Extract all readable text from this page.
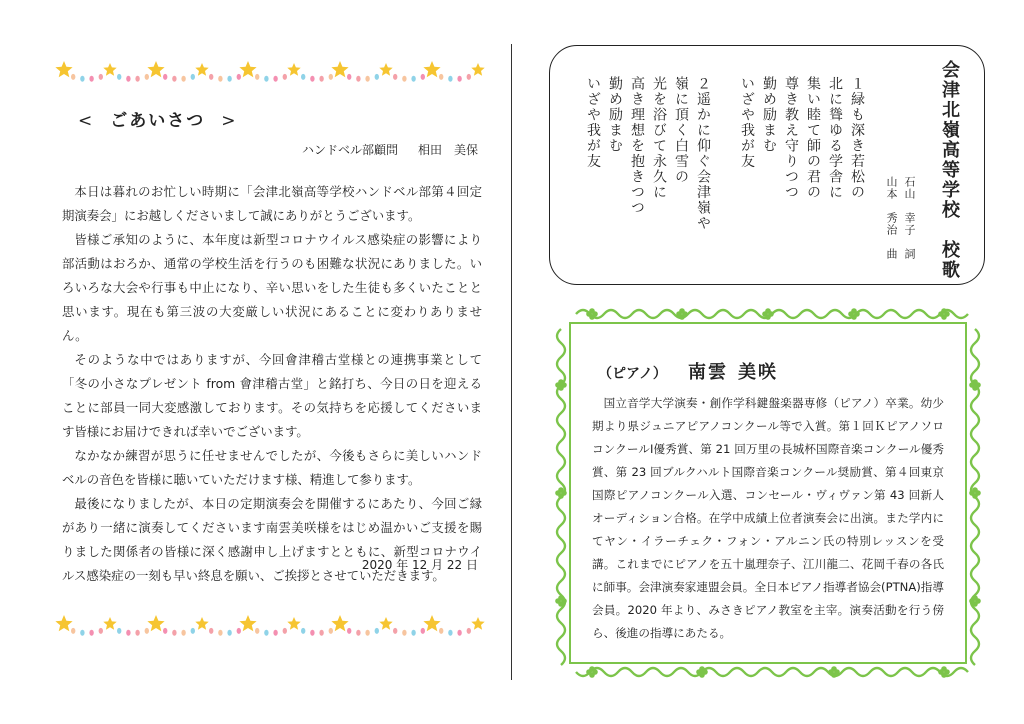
< ごあいさつ >
ハンドベル部顧問 相田　美保

本日は暮れのお忙しい時期に「会津北嶺高等学校ハンドベル部第４回定期演奏会」にお越しくださいまして誠にありがとうございます。

皆様ご承知のように、本年度は新型コロナウイルス感染症の影響により部活動はおろか、通常の学校生活を行うのも困難な状況にありました。いろいろな大会や行事も中止になり、辛い思いをした生徒も多くいたことと思います。現在も第三波の大変厳しい状況にあることに変わりありません。

そのような中ではありますが、今回會津稽古堂様との連携事業として「冬の小さなプレゼント from 會津稽古堂」と銘打ち、今日の日を迎えることに部員一同大変感激しております。その気持ちを応援してくださいます皆様にお届けできれば幸いでございます。

なかなか練習が思うに任せませんでしたが、今後もさらに美しいハンドベルの音色を皆様に聴いていただけます様、精進して参ります。

最後になりましたが、本日の定期演奏会を開催するにあたり、今回ご縁があり一緒に演奏してくださいます南雲美咲様をはじめ温かいご支援を賜りました関係者の皆様に深く感謝申し上げますとともに、新型コロナウイルス感染症の一刻も早い終息を願い、ご挨拶とさせていただきます。

2020 年 12 月 22 日
会津北嶺高等学校　校歌
石山　幸子　詞
山本　秀治　曲
１緑も深き若松の
北に聳ゆる学舎に
集い睦て師の君の
尊き教え守りつつ
勤め励まむ
いざや我が友
２遥かに仰ぐ会津嶺や
嶺に頂く白雪の
光を浴びて永久に
高き理想を抱きつつ
勤め励まむ
いざや我が友
（ピアノ） 南雲 美咲

国立音学大学演奏・創作学科鍵盤楽器専修（ピアノ）卒業。幼少期より県ジュニアピアノコンクール等で入賞。第１回ＫピアノソロコンクールⅠ優秀賞、第 21 回万里の長城杯国際音楽コンクール優秀賞、第 23 回ブルクハルト国際音楽コンクール奨励賞、第４回東京国際ピアノコンクール入選、コンセール・ヴィヴァン第 43 回新人オーディション合格。在学中成績上位者演奏会に出演。また学内にてヤン・イラーチェク・フォン・アルニン氏の特別レッスンを受講。これまでにピアノを五十嵐理奈子、江川龍二、花岡千春の各氏に師事。会津演奏家連盟会員。全日本ピアノ指導者協会(PTNA)指導会員。2020 年より、みさきピアノ教室を主宰。演奏活動を行う傍ら、後進の指導にあたる。
